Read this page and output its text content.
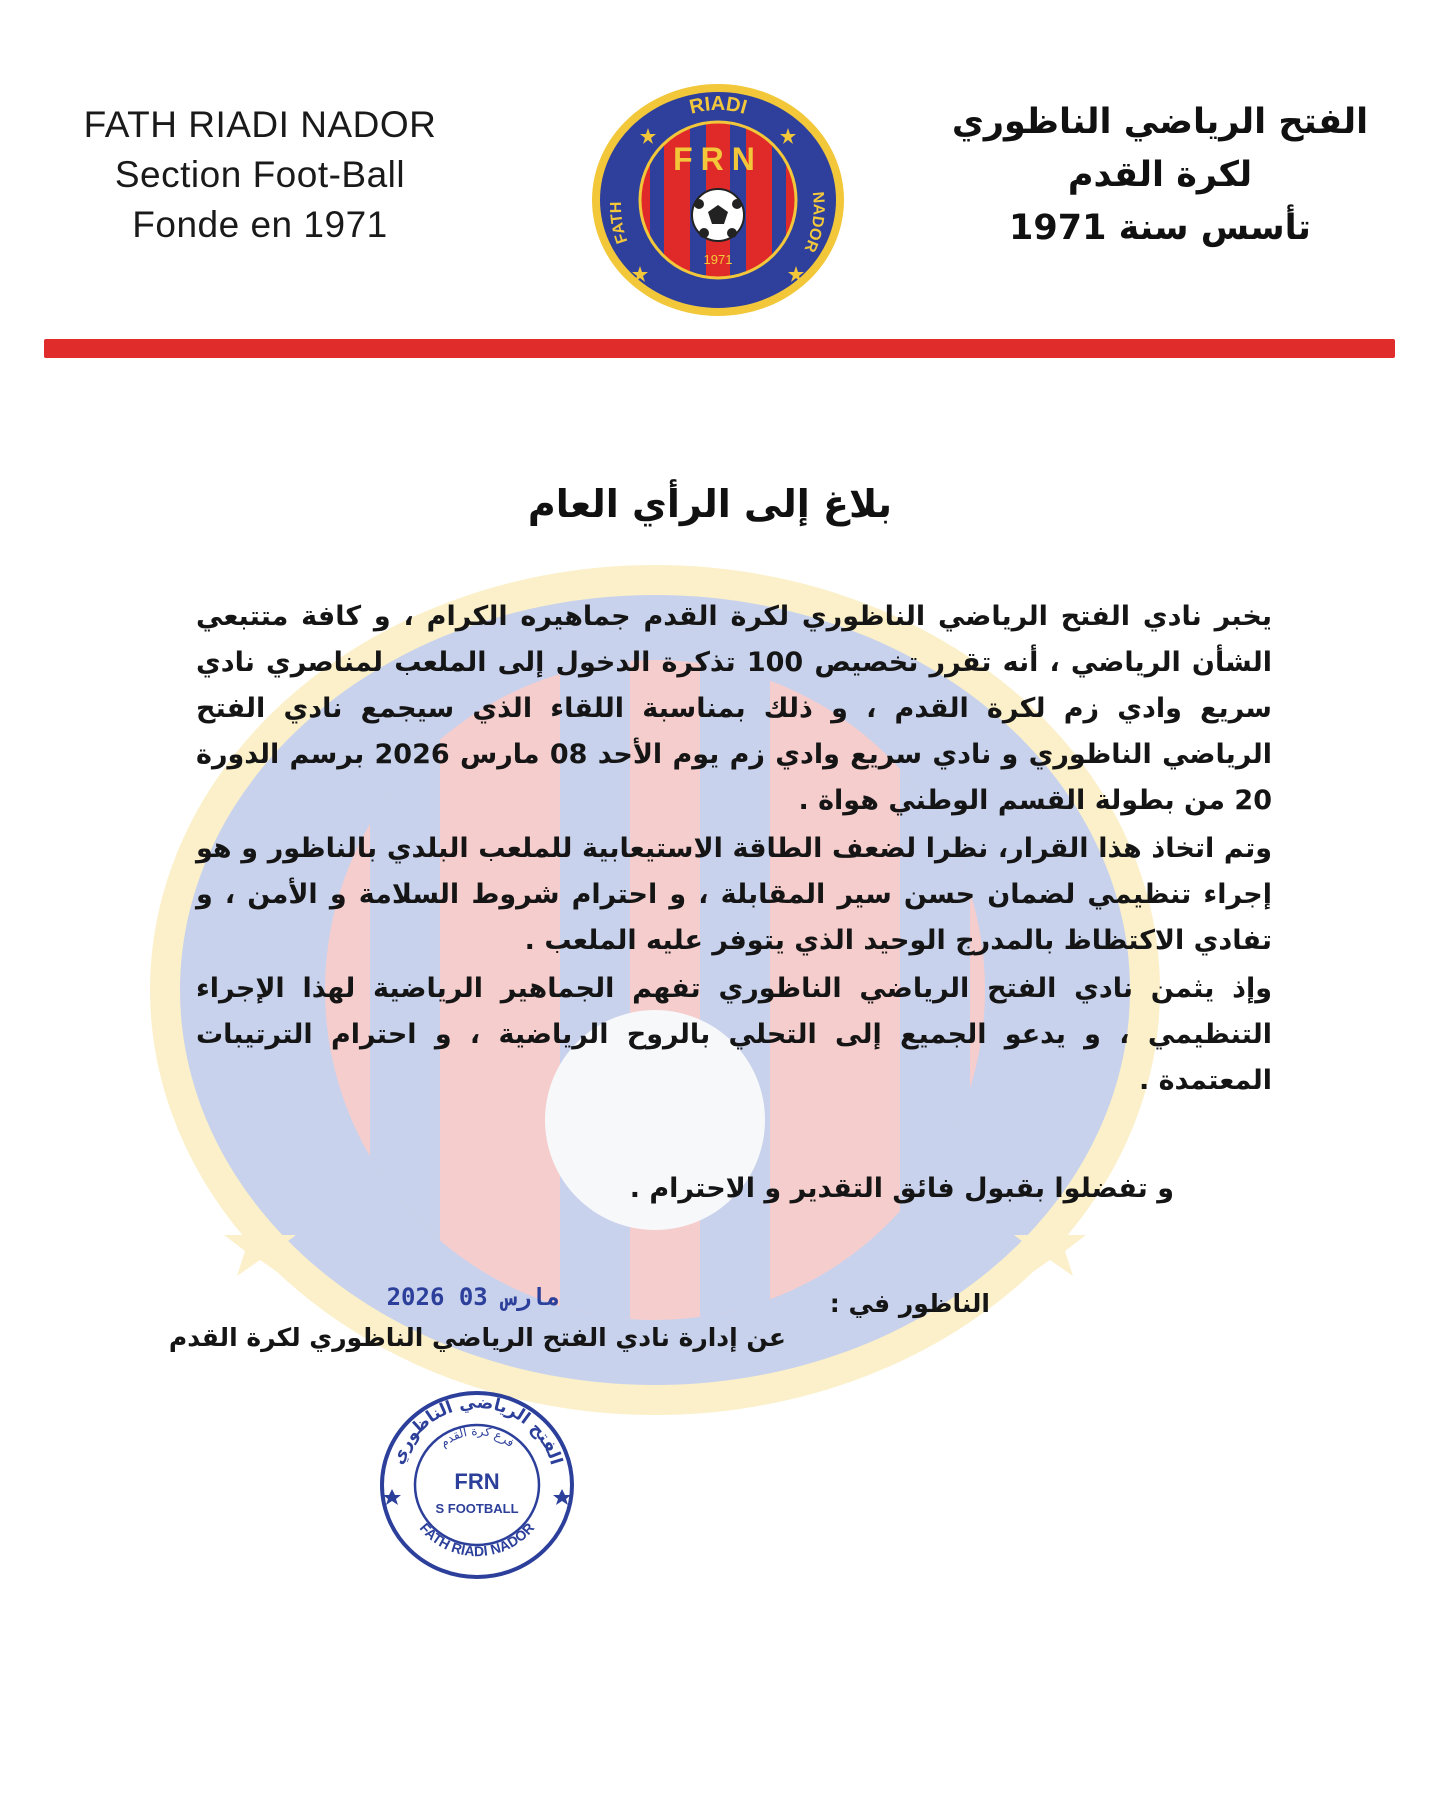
FATH RIADI NADOR
Section Foot-Ball
Fonde en 1971
RIADI
FATH
NADOR
FRN
1971
الفتح الرياضي الناظوري
لكرة القدم
تأسس سنة 1971
بلاغ إلى الرأي العام

يخبر نادي الفتح الرياضي الناظوري لكرة القدم جماهيره الكرام ، و كافة متتبعي الشأن الرياضي ، أنه تقرر تخصيص 100 تذكرة الدخول إلى الملعب لمناصري نادي سريع وادي زم لكرة القدم ، و ذلك بمناسبة اللقاء الذي سيجمع نادي الفتح الرياضي الناظوري و نادي سريع وادي زم يوم الأحد 08 مارس 2026 برسم الدورة 20 من بطولة القسم الوطني هواة .

وتم اتخاذ هذا القرار، نظرا لضعف الطاقة الاستيعابية للملعب البلدي بالناظور و هو إجراء تنظيمي لضمان حسن سير المقابلة ، و احترام شروط السلامة و الأمن ، و تفادي الاكتظاظ بالمدرج الوحيد الذي يتوفر عليه الملعب .

وإذ يثمن نادي الفتح الرياضي الناظوري تفهم الجماهير الرياضية لهذا الإجراء التنظيمي ، و يدعو الجميع إلى التحلي بالروح الرياضية ، و احترام الترتيبات المعتمدة .

و تفضلوا بقبول فائق التقدير و الاحترام .
الناظور في :
2026 مارس 03
عن إدارة نادي الفتح الرياضي الناظوري لكرة القدم
الفتح الرياضي الناظوري
فرع كرة القدم
FRN
S FOOTBALL
FATH RIADI NADOR
